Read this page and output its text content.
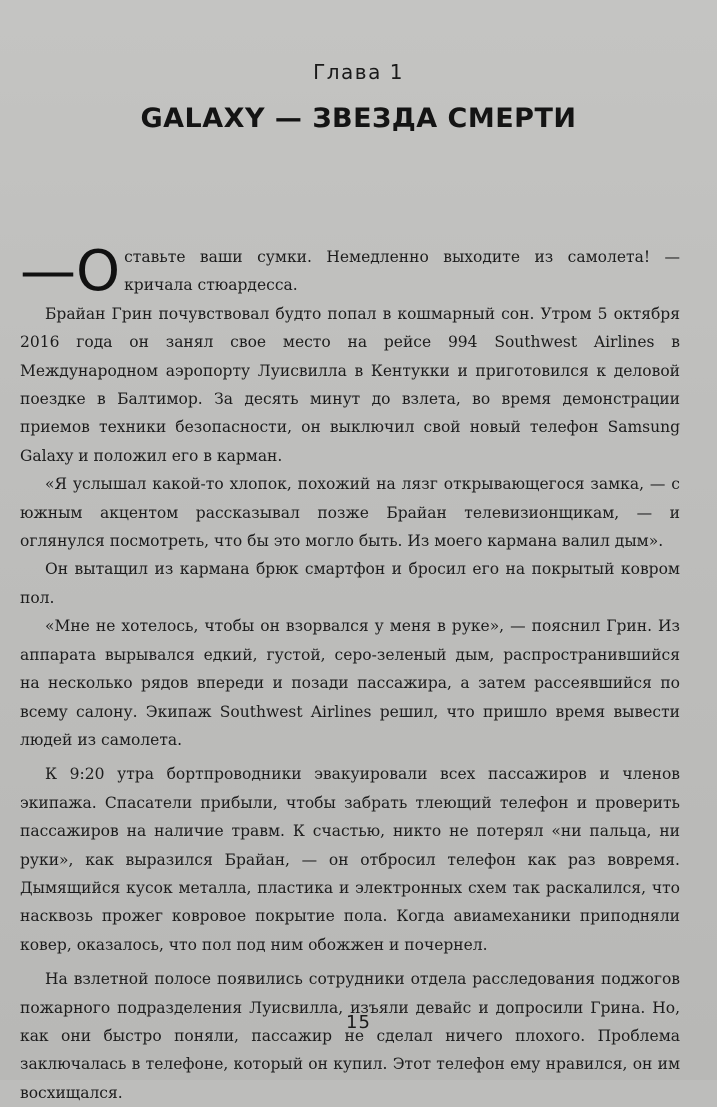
Глава 1
GALAXY — ЗВЕЗДА СМЕРТИ

—О ставьте ваши сумки. Немедленно выходите из самолета! — кричала стюардесса.

Брайан Грин почувствовал будто попал в кошмарный сон. Утром 5 октября 2016 года он занял свое место на рейсе 994 Southwest Airlines в Международном аэропорту Луисвилла в Кентукки и приготовился к деловой поездке в Балтимор. За десять минут до взлета, во время демонстрации приемов техники безопасности, он выключил свой новый телефон Samsung Galaxy и положил его в карман.

«Я услышал какой-то хлопок, похожий на лязг открывающегося замка, — с южным акцентом рассказывал позже Брайан телевизионщикам, — и оглянулся посмотреть, что бы это могло быть. Из моего кармана валил дым».

Он вытащил из кармана брюк смартфон и бросил его на покрытый ковром пол.

«Мне не хотелось, чтобы он взорвался у меня в руке», — пояснил Грин. Из аппарата вырывался едкий, густой, серо-зеленый дым, распространившийся на несколько рядов впереди и позади пассажира, а затем рассеявшийся по всему салону. Экипаж Southwest Airlines решил, что пришло время вывести людей из самолета.

К 9:20 утра бортпроводники эвакуировали всех пассажиров и членов экипажа. Спасатели прибыли, чтобы забрать тлеющий телефон и проверить пассажиров на наличие травм. К счастью, никто не потерял «ни пальца, ни руки», как выразился Брайан, — он отбросил телефон как раз вовремя. Дымящийся кусок металла, пластика и электронных схем так раскалился, что насквозь прожег ковровое покрытие пола. Когда авиамеханики приподняли ковер, оказалось, что пол под ним обожжен и почернел.

На взлетной полосе появились сотрудники отдела расследования поджогов пожарного подразделения Луисвилла, изъяли девайс и допросили Грина. Но, как они быстро поняли, пассажир не сделал ничего плохого. Проблема заключалась в телефоне, который он купил. Этот телефон ему нравился, он им восхищался.

15
